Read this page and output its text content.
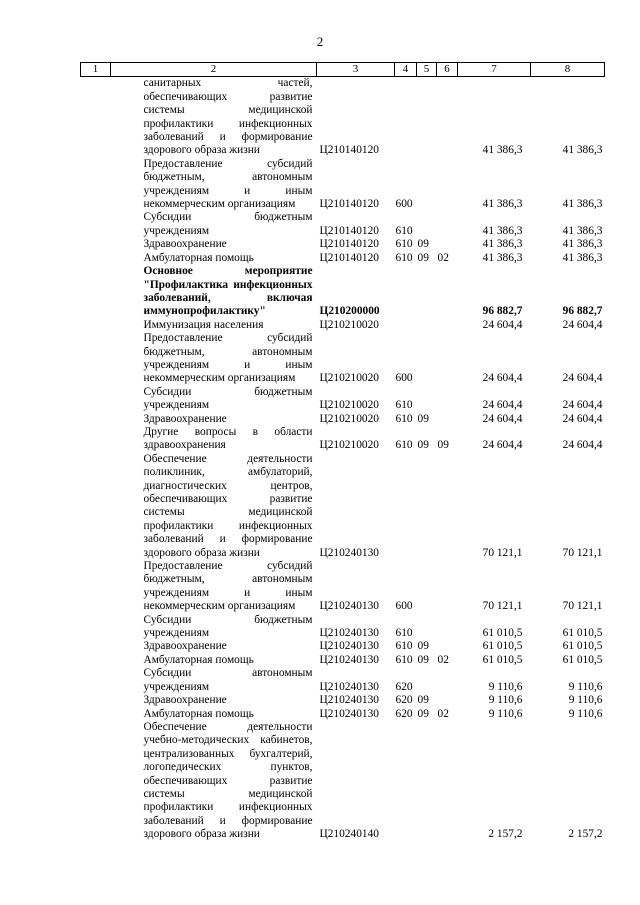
2
1	2	3	4	5	6	7	8
	санитарных частей, обеспечивающих развитие системы медицинской профилактики инфекционных заболеваний и формирование здорового образа жизни	Ц210140120				41 386,3	41 386,3
	Предоставление субсидий бюджетным, автономным учреждениям и иным некоммерческим организациям	Ц210140120	600			41 386,3	41 386,3
	Субсидии бюджетным учреждениям	Ц210140120	610			41 386,3	41 386,3
	Здравоохранение	Ц210140120	610	09		41 386,3	41 386,3
	Амбулаторная помощь	Ц210140120	610	09	02	41 386,3	41 386,3
	Основное мероприятие "Профилактика инфекционных заболеваний, включая иммунопрофилактику"	Ц210200000				96 882,7	96 882,7
	Иммунизация населения	Ц210210020				24 604,4	24 604,4
	Предоставление субсидий бюджетным, автономным учреждениям и иным некоммерческим организациям	Ц210210020	600			24 604,4	24 604,4
	Субсидии бюджетным учреждениям	Ц210210020	610			24 604,4	24 604,4
	Здравоохранение	Ц210210020	610	09		24 604,4	24 604,4
	Другие вопросы в области здравоохранения	Ц210210020	610	09	09	24 604,4	24 604,4
	Обеспечение деятельности поликлиник, амбулаторий, диагностических центров, обеспечивающих развитие системы медицинской профилактики инфекционных заболеваний и формирование здорового образа жизни	Ц210240130				70 121,1	70 121,1
	Предоставление субсидий бюджетным, автономным учреждениям и иным некоммерческим организациям	Ц210240130	600			70 121,1	70 121,1
	Субсидии бюджетным учреждениям	Ц210240130	610			61 010,5	61 010,5
	Здравоохранение	Ц210240130	610	09		61 010,5	61 010,5
	Амбулаторная помощь	Ц210240130	610	09	02	61 010,5	61 010,5
	Субсидии автономным учреждениям	Ц210240130	620			9 110,6	9 110,6
	Здравоохранение	Ц210240130	620	09		9 110,6	9 110,6
	Амбулаторная помощь	Ц210240130	620	09	02	9 110,6	9 110,6
	Обеспечение деятельности учебно-методических кабинетов, централизованных бухгалтерий, логопедических пунктов, обеспечивающих развитие системы медицинской профилактики инфекционных заболеваний и формирование здорового образа жизни	Ц210240140				2 157,2	2 157,2
